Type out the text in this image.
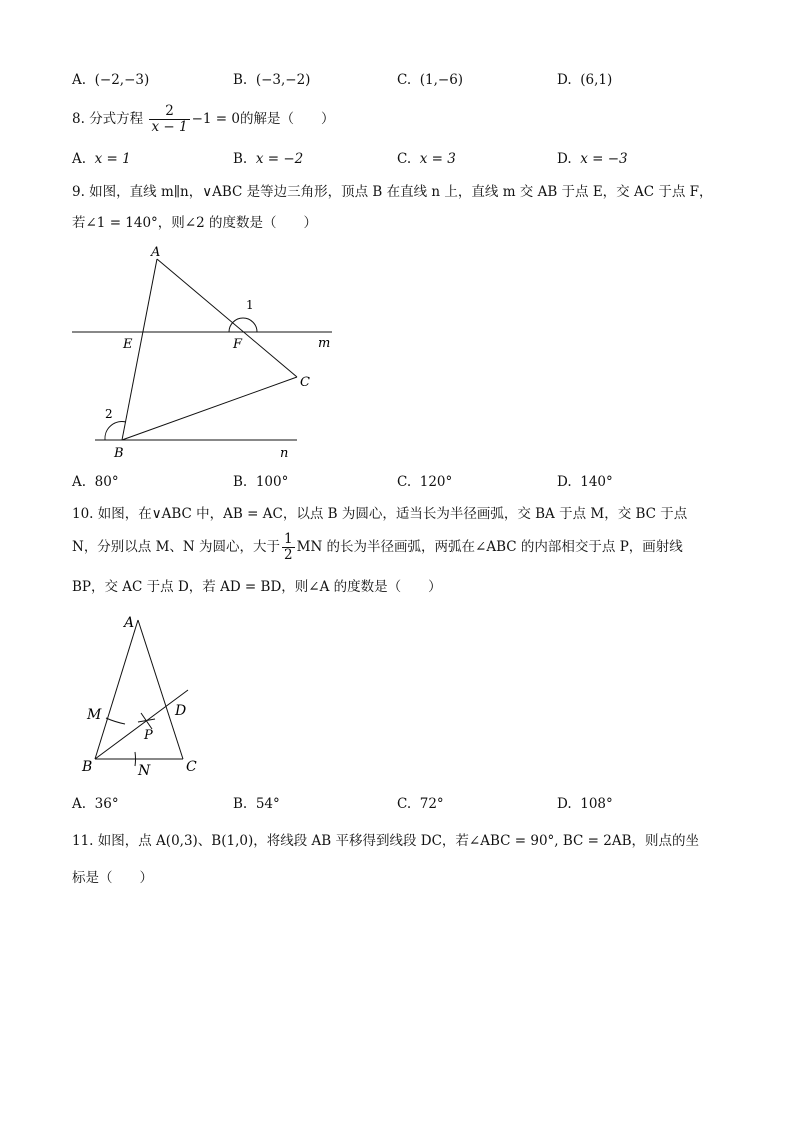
A. (−2,−3)	B. (−3,−2)	C. (1,−6)	D. (6,1)
8. 分式方程 $\frac{2}{x - 1} -1 = 0$的解是（　　）
A. x = 1	B. x = −2	C. x = 3	D. x = −3
9. 如图，直线 m∥n，∨ABC 是等边三角形，顶点 B 在直线 n 上，直线 m 交 AB 于点 E，交 AC 于点 F，
若∠1 = 140°，则∠2 的度数是（　　）
A
E	F	m
C
B	n
1
2
A. 80°	B. 100°	C. 120°	D. 140°
10. 如图，在∨ABC 中，AB = AC，以点 B 为圆心，适当长为半径画弧，交 BA 于点 M，交 BC 于点
N，分别以点 M、N 为圆心，大于 $\frac{1}{2}$ MN 的长为半径画弧，两弧在∠ABC 的内部相交于点 P，画射线
BP，交 AC 于点 D，若 AD = BD，则∠A 的度数是（　　）
A
M	D
P
B	N	C
A. 36°	B. 54°	C. 72°	D. 108°
11. 如图，点 A(0,3)、B(1,0)，将线段 AB 平移得到线段 DC，若∠ABC = 90°, BC = 2AB，则点的坐
标是（　　）
